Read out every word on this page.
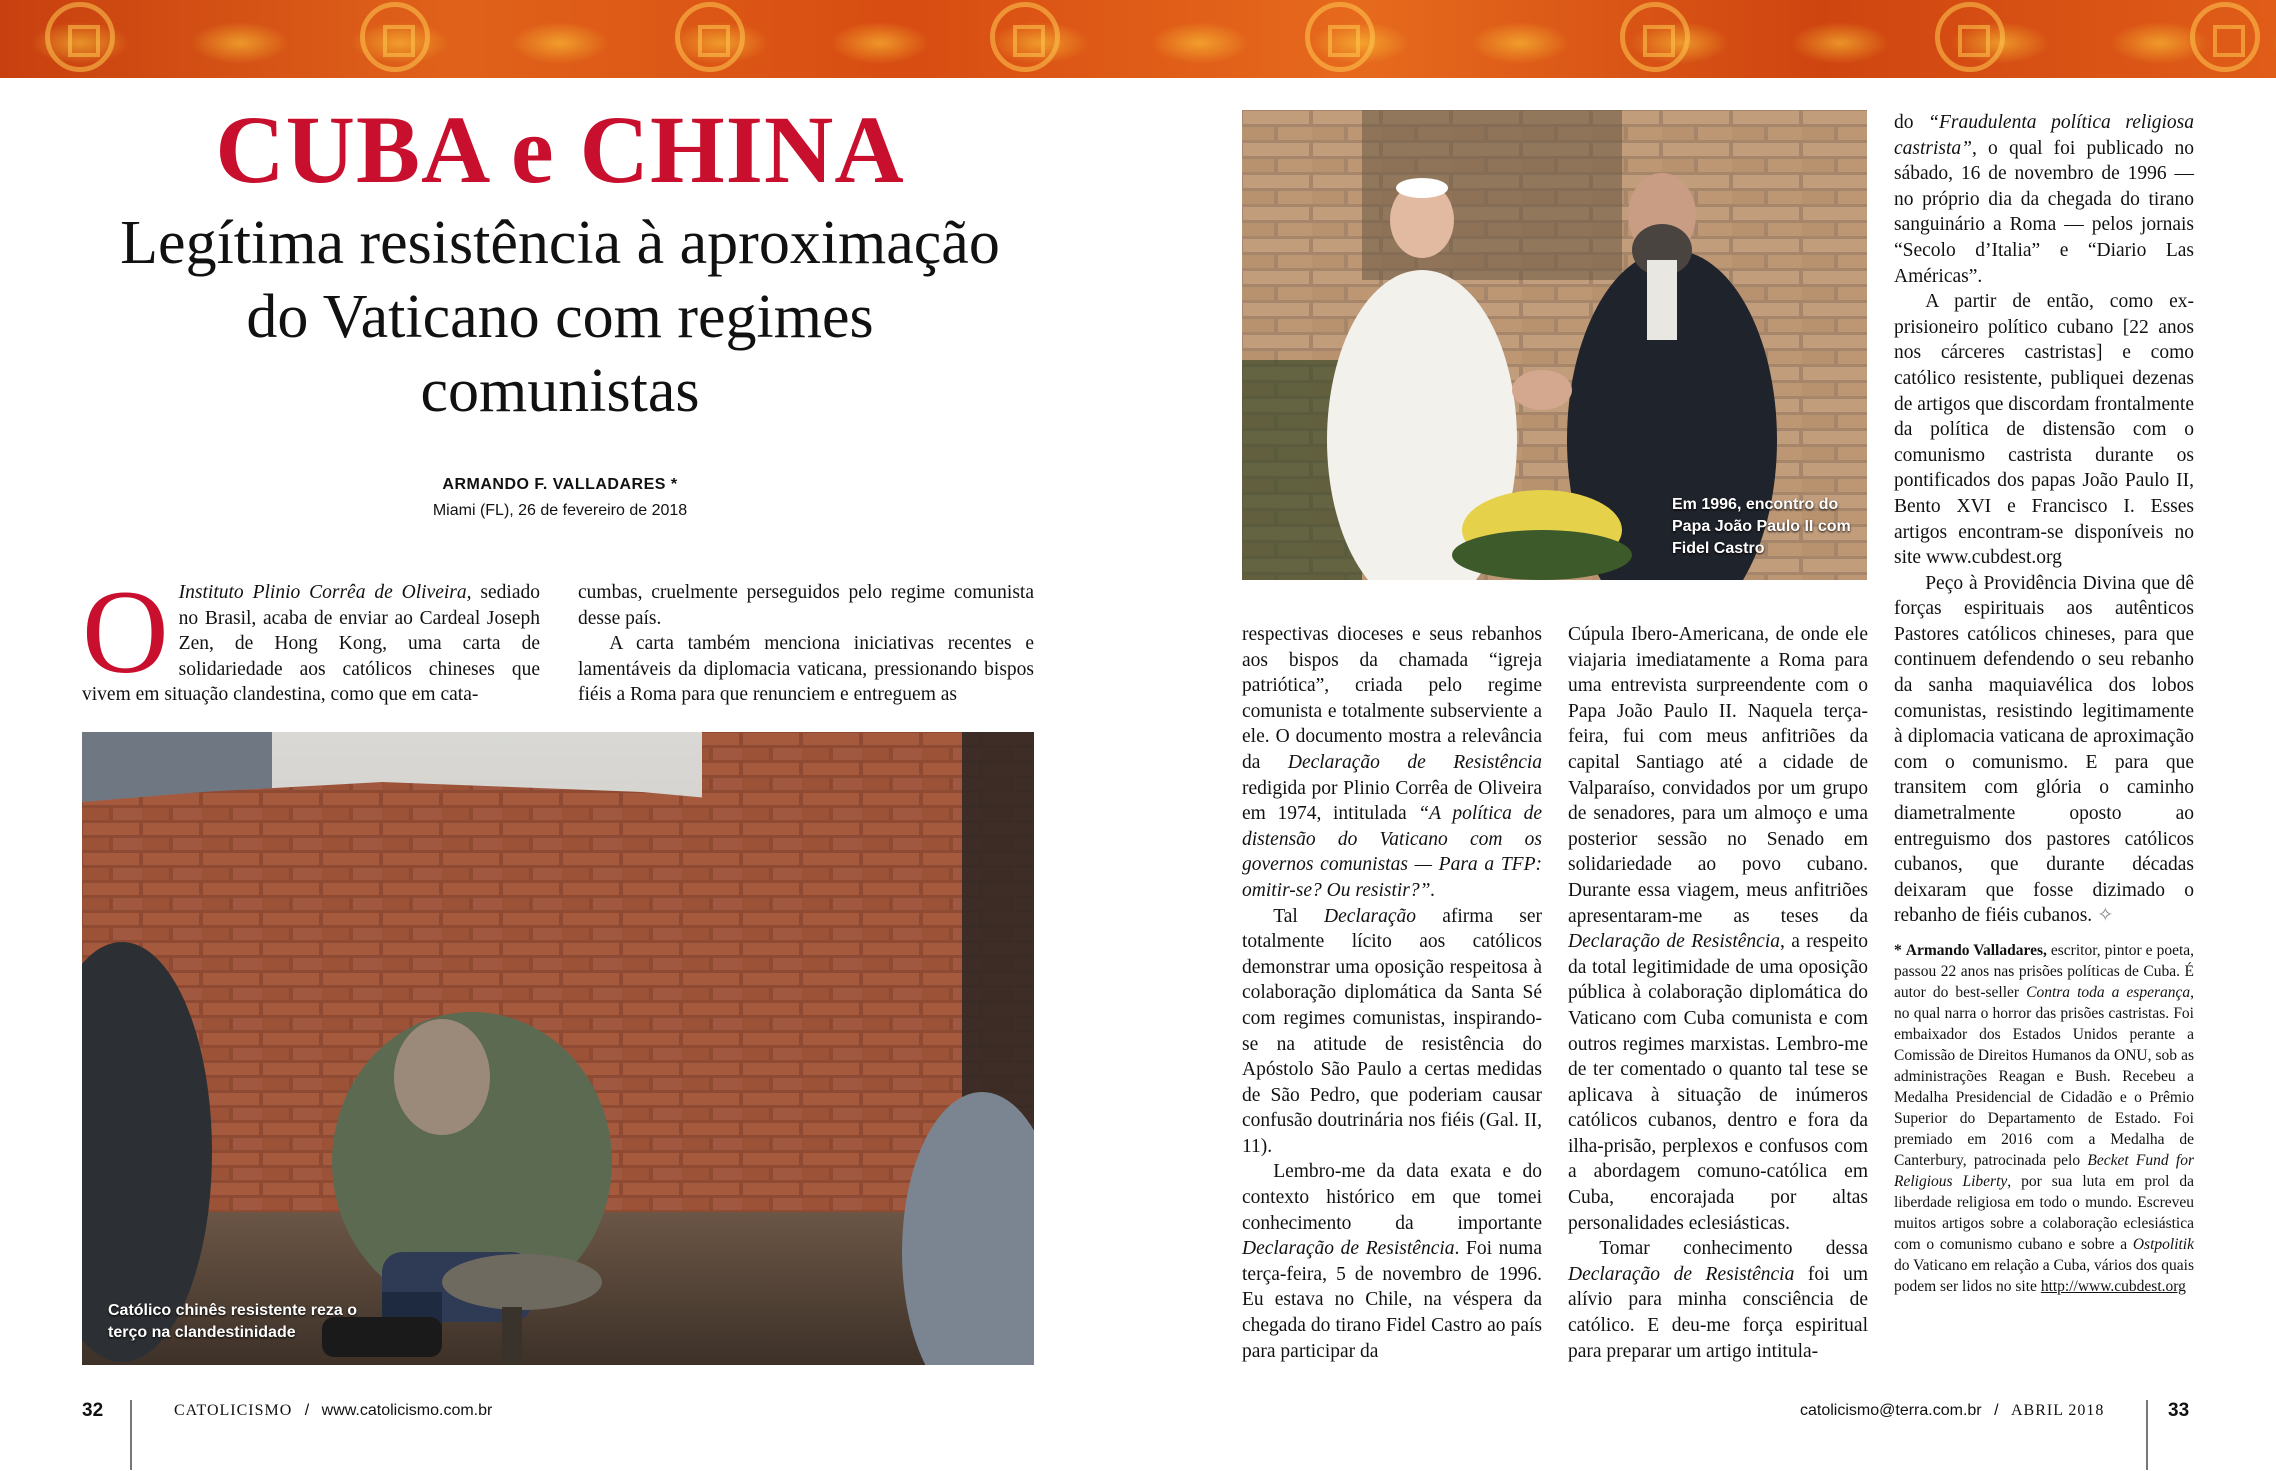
CUBA e CHINA
Legítima resistência à aproximação do Vaticano com regimes comunistas
ARMANDO F. VALLADARES *
Miami (FL), 26 de fevereiro de 2018
O Instituto Plinio Corrêa de Oliveira, sediado no Brasil, acaba de enviar ao Cardeal Joseph Zen, de Hong Kong, uma carta de solidariedade aos católicos chineses que vivem em situação clandestina, como que em cata-

cumbas, cruelmente perseguidos pelo regime comunista desse país.

A carta também menciona iniciativas recentes e lamentáveis da diplomacia vaticana, pressionando bispos fiéis a Roma para que renunciem e entreguem as

Católico chinês resistente reza o terço na clandestinidade
Em 1996, encontro do Papa João Paulo II com Fidel Castro

respectivas dioceses e seus rebanhos aos bispos da chamada “igreja patriótica”, criada pelo regime comunista e totalmente subserviente a ele. O documento mostra a relevância da Declaração de Resistência redigida por Plinio Corrêa de Oliveira em 1974, intitulada “A política de distensão do Vaticano com os governos comunistas — Para a TFP: omitir-se? Ou resistir?”.

Tal Declaração afirma ser totalmente lícito aos católicos demonstrar uma oposição respeitosa à colaboração diplomática da Santa Sé com regimes comunistas, inspirando-se na atitude de resistência do Apóstolo São Paulo a certas medidas de São Pedro, que poderiam causar confusão doutrinária nos fiéis (Gal. II, 11).

Lembro-me da data exata e do contexto histórico em que tomei conhecimento da importante Declaração de Resistência. Foi numa terça-feira, 5 de novembro de 1996. Eu estava no Chile, na véspera da chegada do tirano Fidel Castro ao país para participar da

Cúpula Ibero-Americana, de onde ele viajaria imediatamente a Roma para uma entrevista surpreendente com o Papa João Paulo II. Naquela terça-feira, fui com meus anfitriões da capital Santiago até a cidade de Valparaíso, convidados por um grupo de senadores, para um almoço e uma posterior sessão no Senado em solidariedade ao povo cubano. Durante essa viagem, meus anfitriões apresentaram-me as teses da Declaração de Resistência, a respeito da total legitimidade de uma oposição pública à colaboração diplomática do Vaticano com Cuba comunista e com outros regimes marxistas. Lembro-me de ter comentado o quanto tal tese se aplicava à situação de inúmeros católicos cubanos, dentro e fora da ilha-prisão, perplexos e confusos com a abordagem comuno-católica em Cuba, encorajada por altas personalidades eclesiásticas.

Tomar conhecimento dessa Declaração de Resistência foi um alívio para minha consciência de católico. E deu-me força espiritual para preparar um artigo intitula-

do “Fraudulenta política religiosa castrista”, o qual foi publicado no sábado, 16 de novembro de 1996 — no próprio dia da chegada do tirano sanguinário a Roma — pelos jornais “Secolo d’Italia” e “Diario Las Américas”.

A partir de então, como ex-prisioneiro político cubano [22 anos nos cárceres castristas] e como católico resistente, publiquei dezenas de artigos que discordam frontalmente da política de distensão com o comunismo castrista durante os pontificados dos papas João Paulo II, Bento XVI e Francisco I. Esses artigos encontram-se disponíveis no site www.cubdest.org

Peço à Providência Divina que dê forças espirituais aos autênticos Pastores católicos chineses, para que continuem defendendo o seu rebanho da sanha maquiavélica dos lobos comunistas, resistindo legitimamente à diplomacia vaticana de aproximação com o comunismo. E para que transitem com glória o caminho diametralmente oposto ao entreguismo dos pastores católicos cubanos, que durante décadas deixaram que fosse dizimado o rebanho de fiéis cubanos. ✧

* Armando Valladares, escritor, pintor e poeta, passou 22 anos nas prisões políticas de Cuba. É autor do best-seller Contra toda a esperança, no qual narra o horror das prisões castristas. Foi embaixador dos Estados Unidos perante a Comissão de Direitos Humanos da ONU, sob as administrações Reagan e Bush. Recebeu a Medalha Presidencial de Cidadão e o Prêmio Superior do Departamento de Estado. Foi premiado em 2016 com a Medalha de Canterbury, patrocinada pelo Becket Fund for Religious Liberty, por sua luta em prol da liberdade religiosa em todo o mundo. Escreveu muitos artigos sobre a colaboração eclesiástica com o comunismo cubano e sobre a Ostpolitik do Vaticano em relação a Cuba, vários dos quais podem ser lidos no site http://www.cubdest.org
32	CATOLICISMO / www.catolicismo.com.br	catolicismo@terra.com.br / ABRIL 2018	33
